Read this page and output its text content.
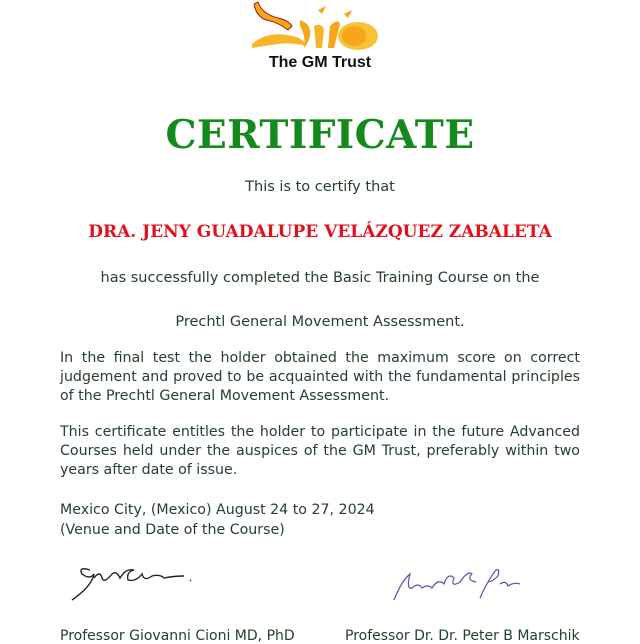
The GM Trust
CERTIFICATE
This is to certify that
DRA. JENY GUADALUPE VELÁZQUEZ ZABALETA
has successfully completed the Basic Training Course on the
Prechtl General Movement Assessment.
In the final test the holder obtained the maximum score on correct judgement and proved to be acquainted with the fundamental principles of the Prechtl General Movement Assessment.
This certificate entitles the holder to participate in the future Advanced Courses held under the auspices of the GM Trust, preferably within two years after date of issue.
Mexico City, (Mexico) August 24 to 27, 2024
(Venue and Date of the Course)
Professor Giovanni Cioni MD, PhD	Professor Dr. Dr. Peter B Marschik
